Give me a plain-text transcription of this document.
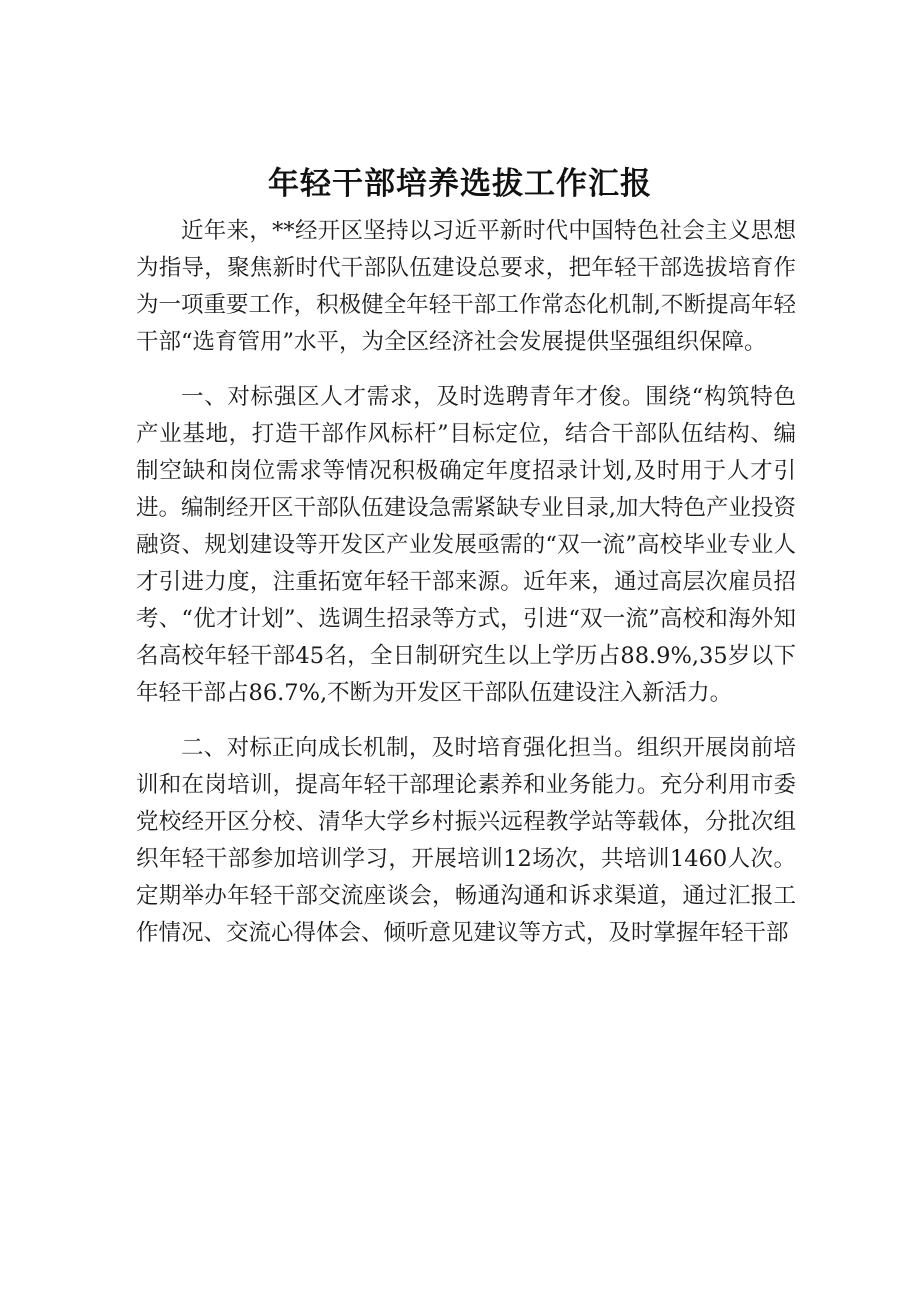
年轻干部培养选拔工作汇报

近年来，**经开区坚持以习近平新时代中国特色社会主义思想为指导，聚焦新时代干部队伍建设总要求，把年轻干部选拔培育作为一项重要工作，积极健全年轻干部工作常态化机制,不断提高年轻干部“选育管用”水平，为全区经济社会发展提供坚强组织保障。

一、对标强区人才需求，及时选聘青年才俊。围绕“构筑特色产业基地，打造干部作风标杆”目标定位，结合干部队伍结构、编制空缺和岗位需求等情况积极确定年度招录计划,及时用于人才引进。编制经开区干部队伍建设急需紧缺专业目录,加大特色产业投资融资、规划建设等开发区产业发展亟需的“双一流”高校毕业专业人才引进力度，注重拓宽年轻干部来源。近年来，通过高层次雇员招考、“优才计划”、选调生招录等方式，引进“双一流”高校和海外知名高校年轻干部45名，全日制研究生以上学历占88.9%,35岁以下年轻干部占86.7%,不断为开发区干部队伍建设注入新活力。

二、对标正向成长机制，及时培育强化担当。组织开展岗前培训和在岗培训，提高年轻干部理论素养和业务能力。充分利用市委党校经开区分校、清华大学乡村振兴远程教学站等载体，分批次组织年轻干部参加培训学习，开展培训12场次，共培训1460人次。定期举办年轻干部交流座谈会，畅通沟通和诉求渠道，通过汇报工作情况、交流心得体会、倾听意见建议等方式，及时掌握年轻干部
